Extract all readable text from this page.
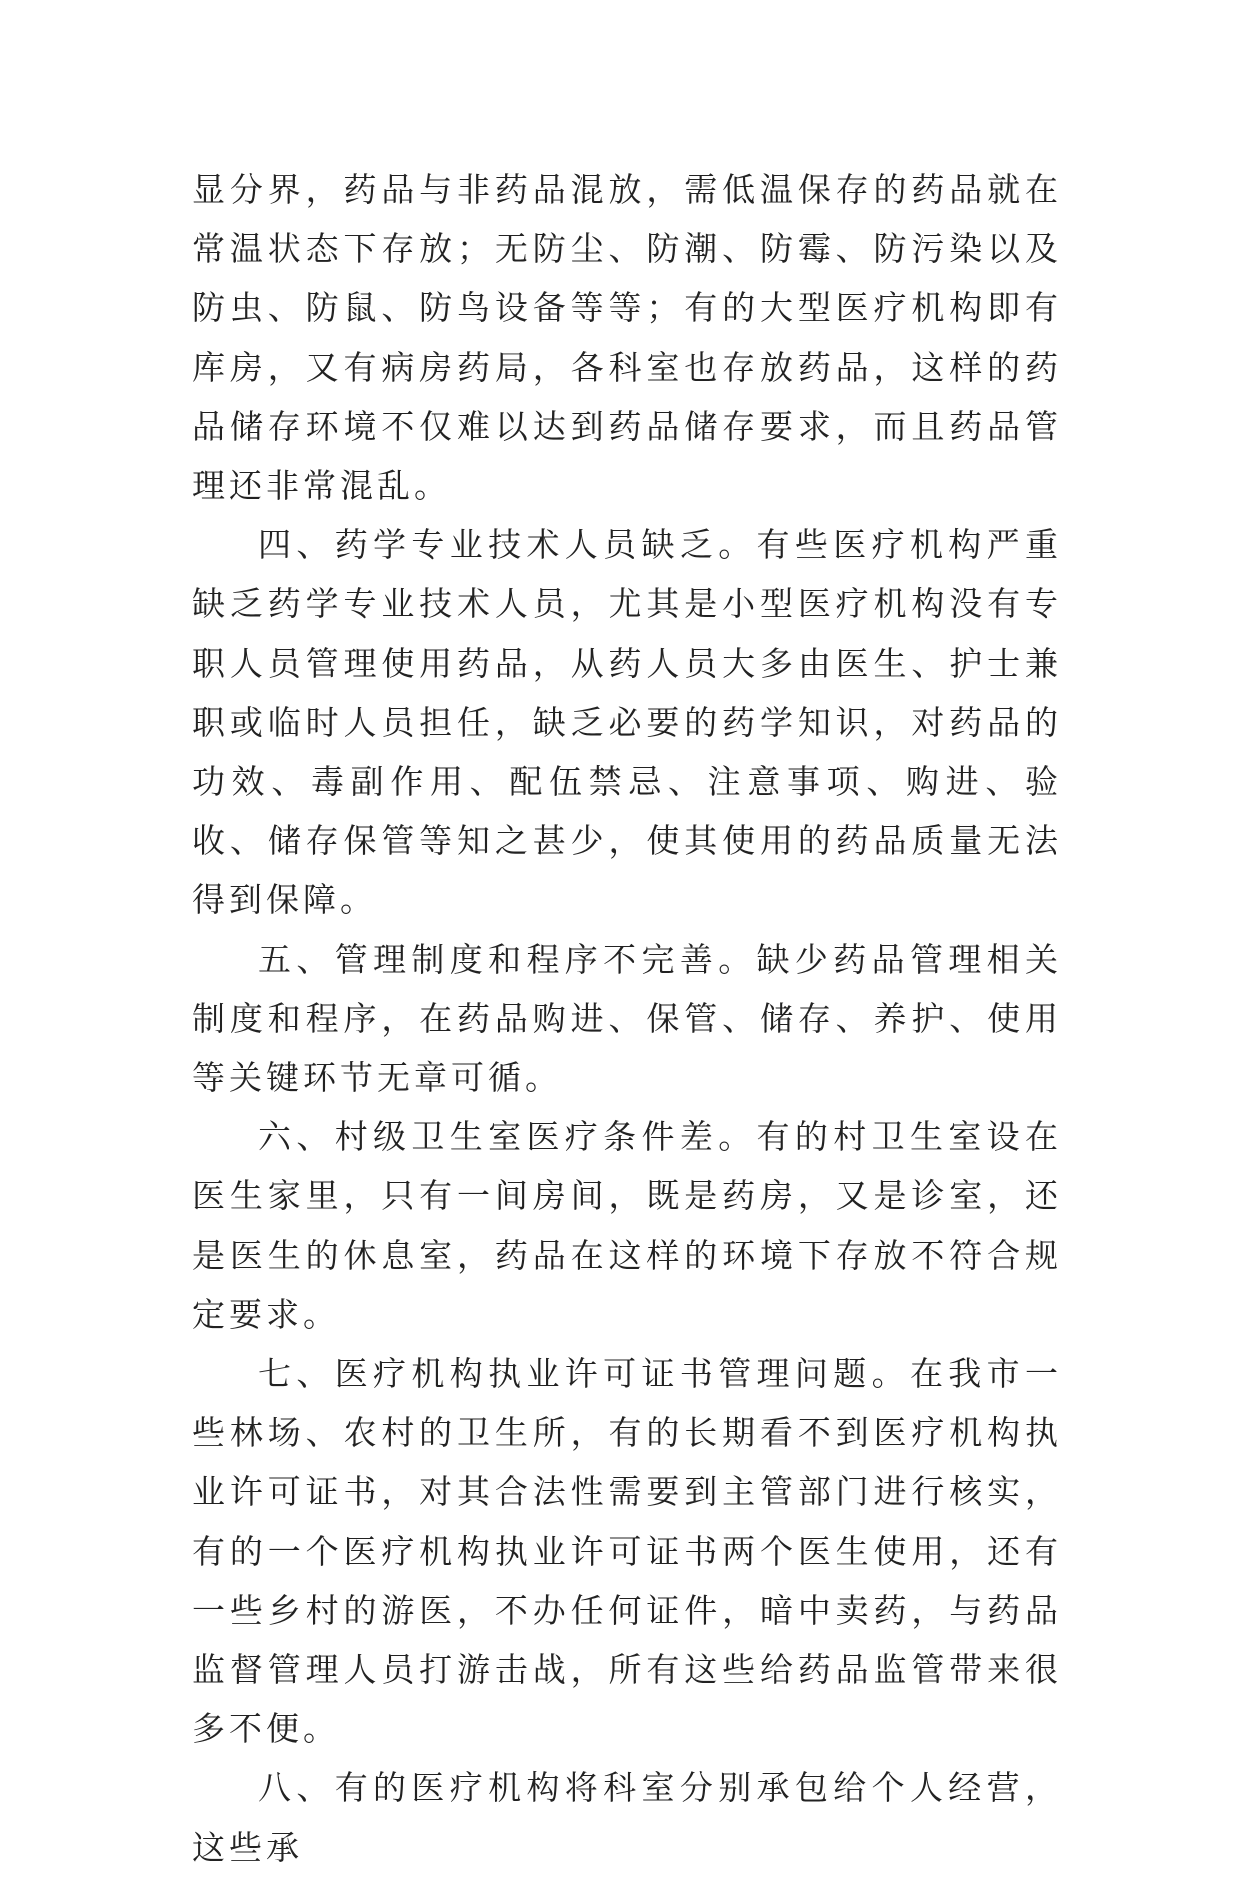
显分界，药品与非药品混放，需低温保存的药品就在常温状态下存放；无防尘、防潮、防霉、防污染以及防虫、防鼠、防鸟设备等等；有的大型医疗机构即有库房，又有病房药局，各科室也存放药品，这样的药品储存环境不仅难以达到药品储存要求，而且药品管理还非常混乱。

四、药学专业技术人员缺乏。有些医疗机构严重缺乏药学专业技术人员，尤其是小型医疗机构没有专职人员管理使用药品，从药人员大多由医生、护士兼职或临时人员担任，缺乏必要的药学知识，对药品的功效、毒副作用、配伍禁忌、注意事项、购进、验收、储存保管等知之甚少，使其使用的药品质量无法得到保障。

五、管理制度和程序不完善。缺少药品管理相关制度和程序，在药品购进、保管、储存、养护、使用等关键环节无章可循。

六、村级卫生室医疗条件差。有的村卫生室设在医生家里，只有一间房间，既是药房，又是诊室，还是医生的休息室，药品在这样的环境下存放不符合规定要求。

七、医疗机构执业许可证书管理问题。在我市一些林场、农村的卫生所，有的长期看不到医疗机构执业许可证书，对其合法性需要到主管部门进行核实，有的一个医疗机构执业许可证书两个医生使用，还有一些乡村的游医，不办任何证件，暗中卖药，与药品监督管理人员打游击战，所有这些给药品监管带来很多不便。

八、有的医疗机构将科室分别承包给个人经营，这些承
